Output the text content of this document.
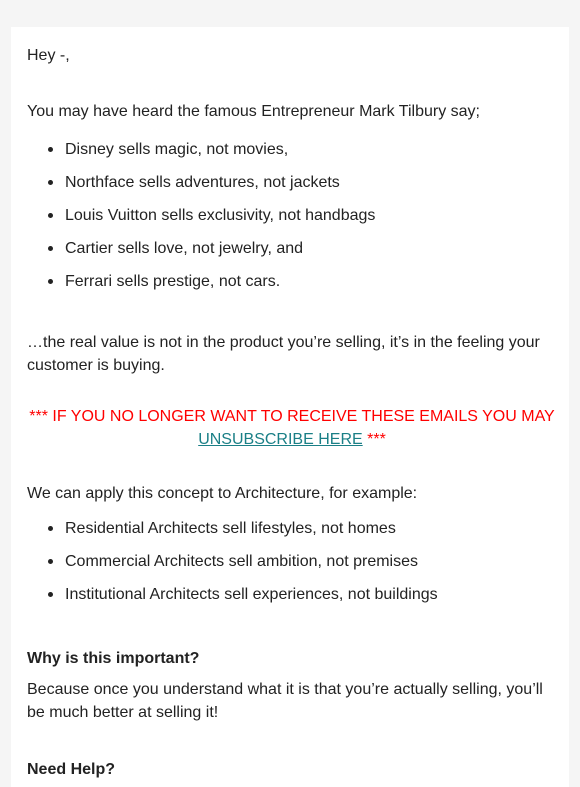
Hey -,

You may have heard the famous Entrepreneur Mark Tilbury say;

Disney sells magic, not movies,
Northface sells adventures, not jackets
Louis Vuitton sells exclusivity, not handbags
Cartier sells love, not jewelry, and
Ferrari sells prestige, not cars.

…the real value is not in the product you’re selling, it’s in the feeling your customer is buying.

*** IF YOU NO LONGER WANT TO RECEIVE THESE EMAILS YOU MAY
UNSUBSCRIBE HERE ***

We can apply this concept to Architecture, for example:

Residential Architects sell lifestyles, not homes
Commercial Architects sell ambition, not premises
Institutional Architects sell experiences, not buildings

Why is this important?

Because once you understand what it is that you’re actually selling, you’ll be much better at selling it!

Need Help?
